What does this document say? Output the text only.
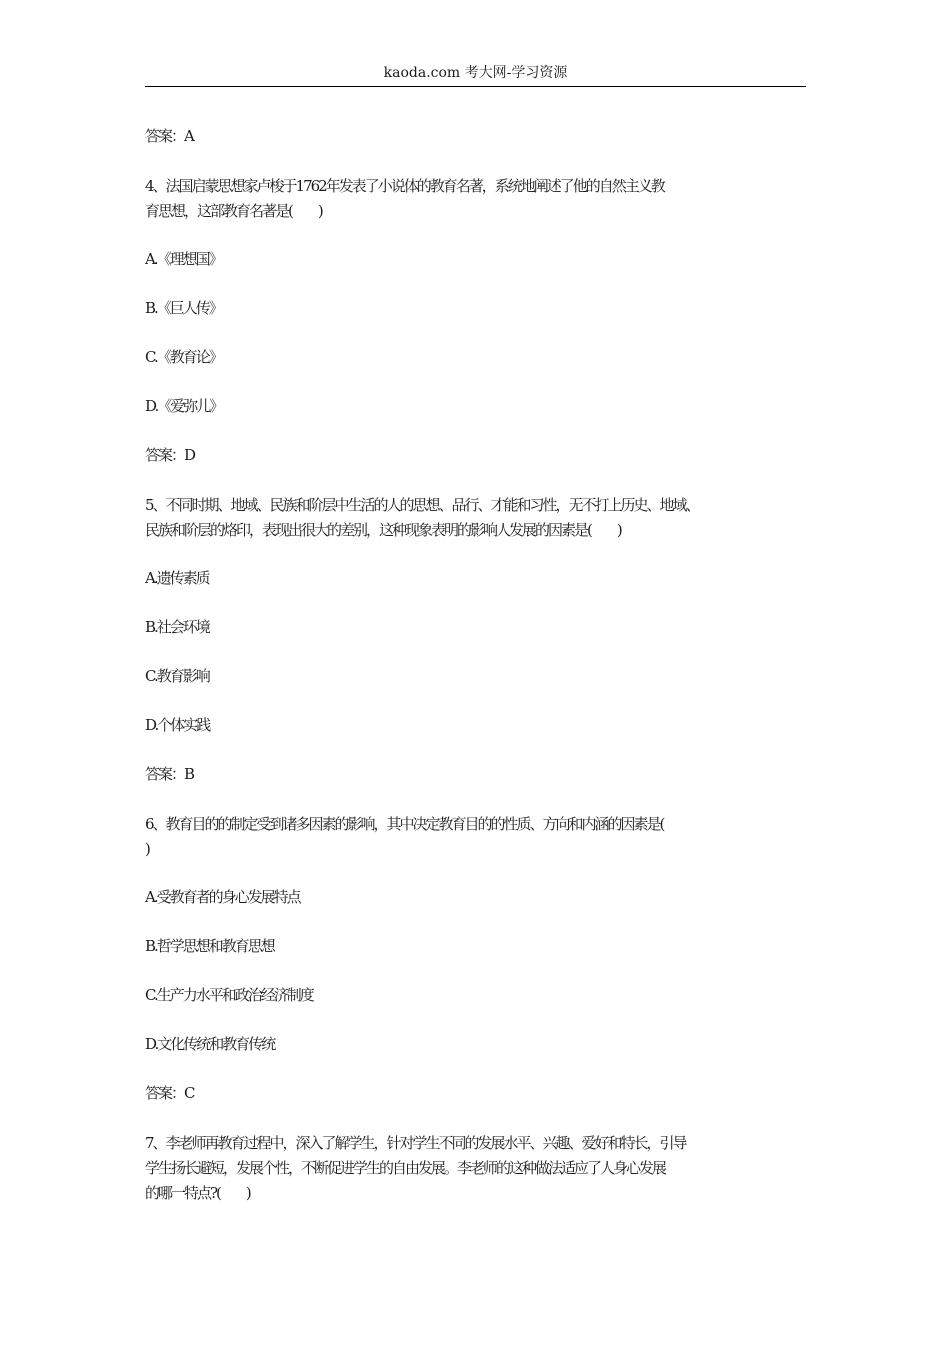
kaoda.com 考大网-学习资源
答案：A
4、法国启蒙思想家卢梭于1762年发表了小说体的教育名著，系统地阐述了他的自然主义教
育思想，这部教育名著是(　　)
A.《理想国》
B.《巨人传》
C.《教育论》
D.《爱弥儿》
答案：D
5、不同时期、地域、民族和阶层中生活的人的思想、品行、才能和习性，无不打上历史、地域、
民族和阶层的烙印，表现出很大的差别，这种现象表明的影响人发展的因素是(　　)
A.遗传素质
B.社会环境
C.教育影响
D.个体实践
答案：B
6、教育目的的制定受到诸多因素的影响，其中决定教育目的的性质、方向和内涵的因素是(
)
A.受教育者的身心发展特点
B.哲学思想和教育思想
C.生产力水平和政治经济制度
D.文化传统和教育传统
答案：C
7、李老师再教育过程中，深入了解学生，针对学生不同的发展水平、兴趣、爱好和特长，引导
学生扬长避短，发展个性，不断促进学生的自由发展。李老师的这种做法适应了人身心发展
的哪一特点?(　　)
